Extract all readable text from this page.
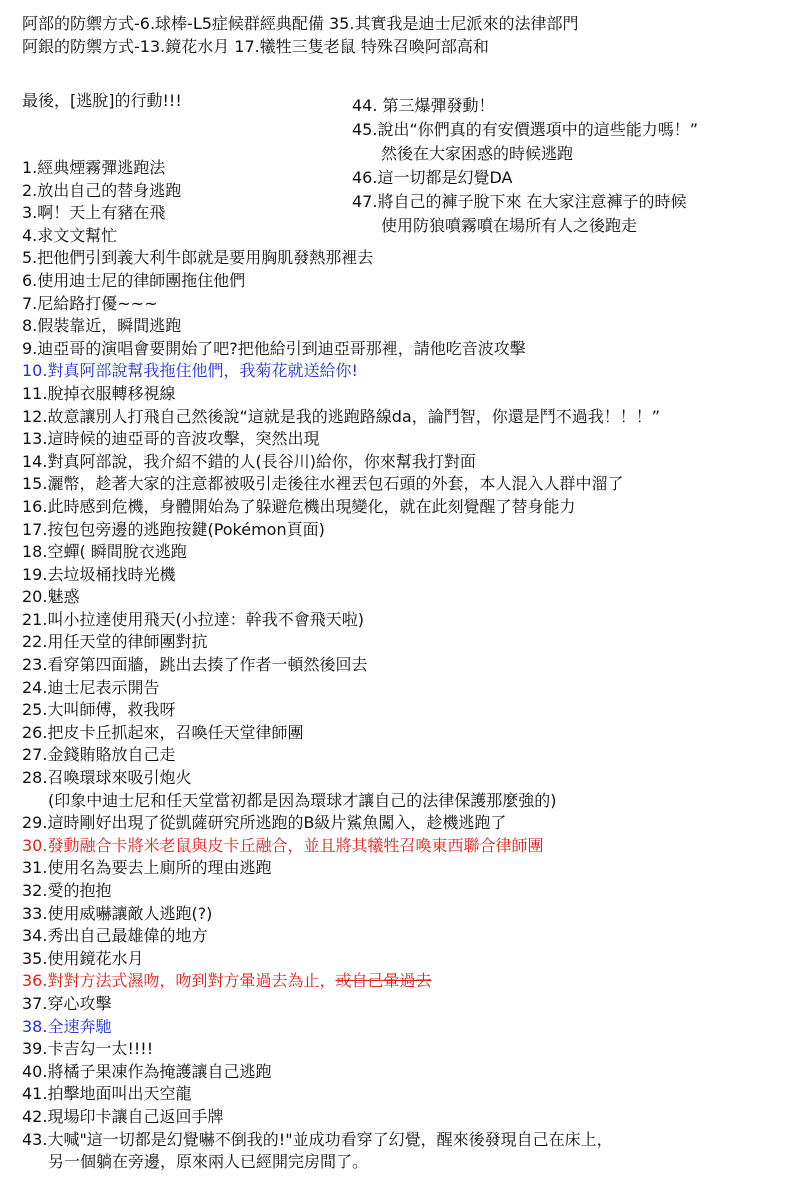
阿部的防禦方式-6.球棒-L5症候群經典配備 35.其實我是迪士尼派來的法律部門
阿銀的防禦方式-13.鏡花水月 17.犧牲三隻老鼠 特殊召喚阿部高和
最後，[逃脫]的行動!!!	44. 第三爆彈發動！
45.說出“你們真的有安價選項中的這些能力嗎！”
然後在大家困惑的時候逃跑
46.這一切都是幻覺DA
47.將自己的褲子脫下來 在大家注意褲子的時候
使用防狼噴霧噴在場所有人之後跑走
1.經典煙霧彈逃跑法
2.放出自己的替身逃跑
3.啊！天上有豬在飛
4.求文文幫忙
5.把他們引到義大利牛郎就是要用胸肌發熱那裡去
6.使用迪士尼的律師團拖住他們
7.尼給路打優~~~
8.假裝靠近，瞬間逃跑
9.迪亞哥的演唱會要開始了吧?把他給引到迪亞哥那裡，請他吃音波攻擊
10.對真阿部說幫我拖住他們，我菊花就送給你!
11.脫掉衣服轉移視線
12.故意讓別人打飛自己然後說“這就是我的逃跑路線da，論鬥智，你還是鬥不過我！！！”
13.這時候的迪亞哥的音波攻擊，突然出現
14.對真阿部說，我介紹不錯的人(長谷川)給你，你來幫我打對面
15.灑幣，趁著大家的注意都被吸引走後往水裡丟包石頭的外套，本人混入人群中溜了
16.此時感到危機，身體開始為了躲避危機出現變化，就在此刻覺醒了替身能力
17.按包包旁邊的逃跑按鍵(Pokémon頁面)
18.空蟬( 瞬間脫衣逃跑
19.去垃圾桶找時光機
20.魅惑
21.叫小拉達使用飛天(小拉達：幹我不會飛天啦)
22.用任天堂的律師團對抗
23.看穿第四面牆，跳出去揍了作者一頓然後回去
24.迪士尼表示開告
25.大叫師傅，救我呀
26.把皮卡丘抓起來，召喚任天堂律師團
27.金錢賄賂放自己走
28.召喚環球來吸引炮火
(印象中迪士尼和任天堂當初都是因為環球才讓自己的法律保護那麼強的)
29.這時剛好出現了從凱薩研究所逃跑的B級片鯊魚闖入，趁機逃跑了
30.發動融合卡將米老鼠與皮卡丘融合，並且將其犧牲召喚東西聯合律師團
31.使用名為要去上廁所的理由逃跑
32.愛的抱抱
33.使用威嚇讓敵人逃跑(?)
34.秀出自己最雄偉的地方
35.使用鏡花水月
36.對對方法式濕吻，吻到對方暈過去為止，或自己暈過去
37.穿心攻擊
38.全速奔馳
39.卡吉勾一太!!!!
40.將橘子果凍作為掩護讓自己逃跑
41.拍擊地面叫出天空龍
42.現場印卡讓自己返回手牌
43.大喊"這一切都是幻覺嚇不倒我的!"並成功看穿了幻覺，醒來後發現自己在床上，
另一個躺在旁邊，原來兩人已經開完房間了。
